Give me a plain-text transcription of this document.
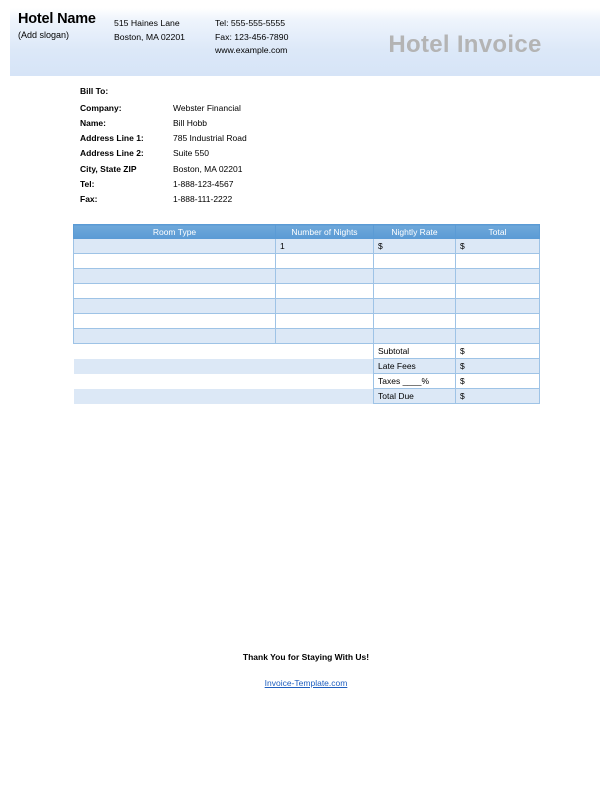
Hotel Name
(Add slogan)
515 Haines Lane
Boston, MA 02201
Tel: 555-555-5555
Fax: 123-456-7890
www.example.com	Hotel Invoice
Bill To:
Company:	Webster Financial
Name:	Bill Hobb
Address Line 1:	785 Industrial Road
Address Line 2:	Suite 550
City, State ZIP	Boston, MA 02201
Tel:	1-888-123-4567
Fax:	1-888-111-2222
Room Type	Number of Nights	Nightly Rate	Total
	1	$	$

		Subtotal	$
		Late Fees	$
		Taxes ____%	$
		Total Due	$
Thank You for Staying With Us!
Invoice-Template.com
